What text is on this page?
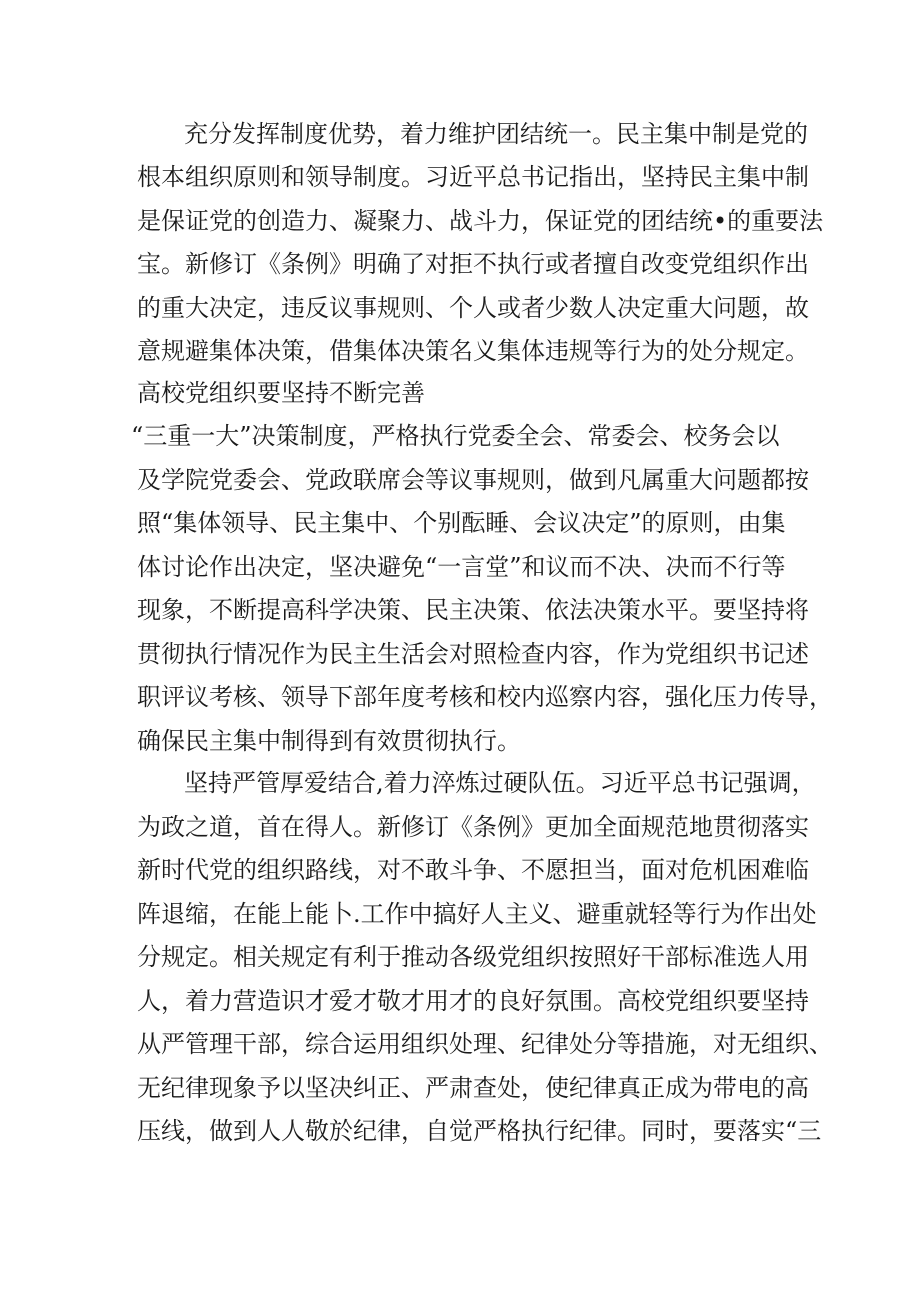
充分发挥制度优势，着力维护团结统一。民主集中制是党的

根本组织原则和领导制度。习近平总书记指出，坚持民主集中制

是保证党的创造力、凝聚力、战斗力，保证党的团结统•的重要法

宝。新修订《条例》明确了对拒不执行或者擅自改变党组织作出

的重大决定，违反议事规则、个人或者少数人决定重大问题，故

意规避集体决策，借集体决策名义集体违规等行为的处分规定。

高校党组织要坚持不断完善

“三重一大”决策制度，严格执行党委全会、常委会、校务会以

及学院党委会、党政联席会等议事规则，做到凡属重大问题都按

照“集体领导、民主集中、个别酝睡、会议决定”的原则，由集

体讨论作出决定，坚决避免“一言堂”和议而不决、决而不行等

现象，不断提高科学决策、民主决策、依法决策水平。要坚持将

贯彻执行情况作为民主生活会对照检查内容，作为党组织书记述

职评议考核、领导下部年度考核和校内巡察内容，强化压力传导，

确保民主集中制得到有效贯彻执行。

坚持严管厚爱结合,着力淬炼过硬队伍。习近平总书记强调，

为政之道，首在得人。新修订《条例》更加全面规范地贯彻落实

新时代党的组织路线，对不敢斗争、不愿担当，面对危机困难临

阵退缩，在能上能卜.工作中搞好人主义、避重就轻等行为作出处

分规定。相关规定有利于推动各级党组织按照好干部标准选人用

人，着力营造识才爱才敬才用才的良好氛围。高校党组织要坚持

从严管理干部，综合运用组织处理、纪律处分等措施，对无组织、

无纪律现象予以坚决纠正、严肃查处，使纪律真正成为带电的高

压线，做到人人敬於纪律，自觉严格执行纪律。同时，要落实“三
